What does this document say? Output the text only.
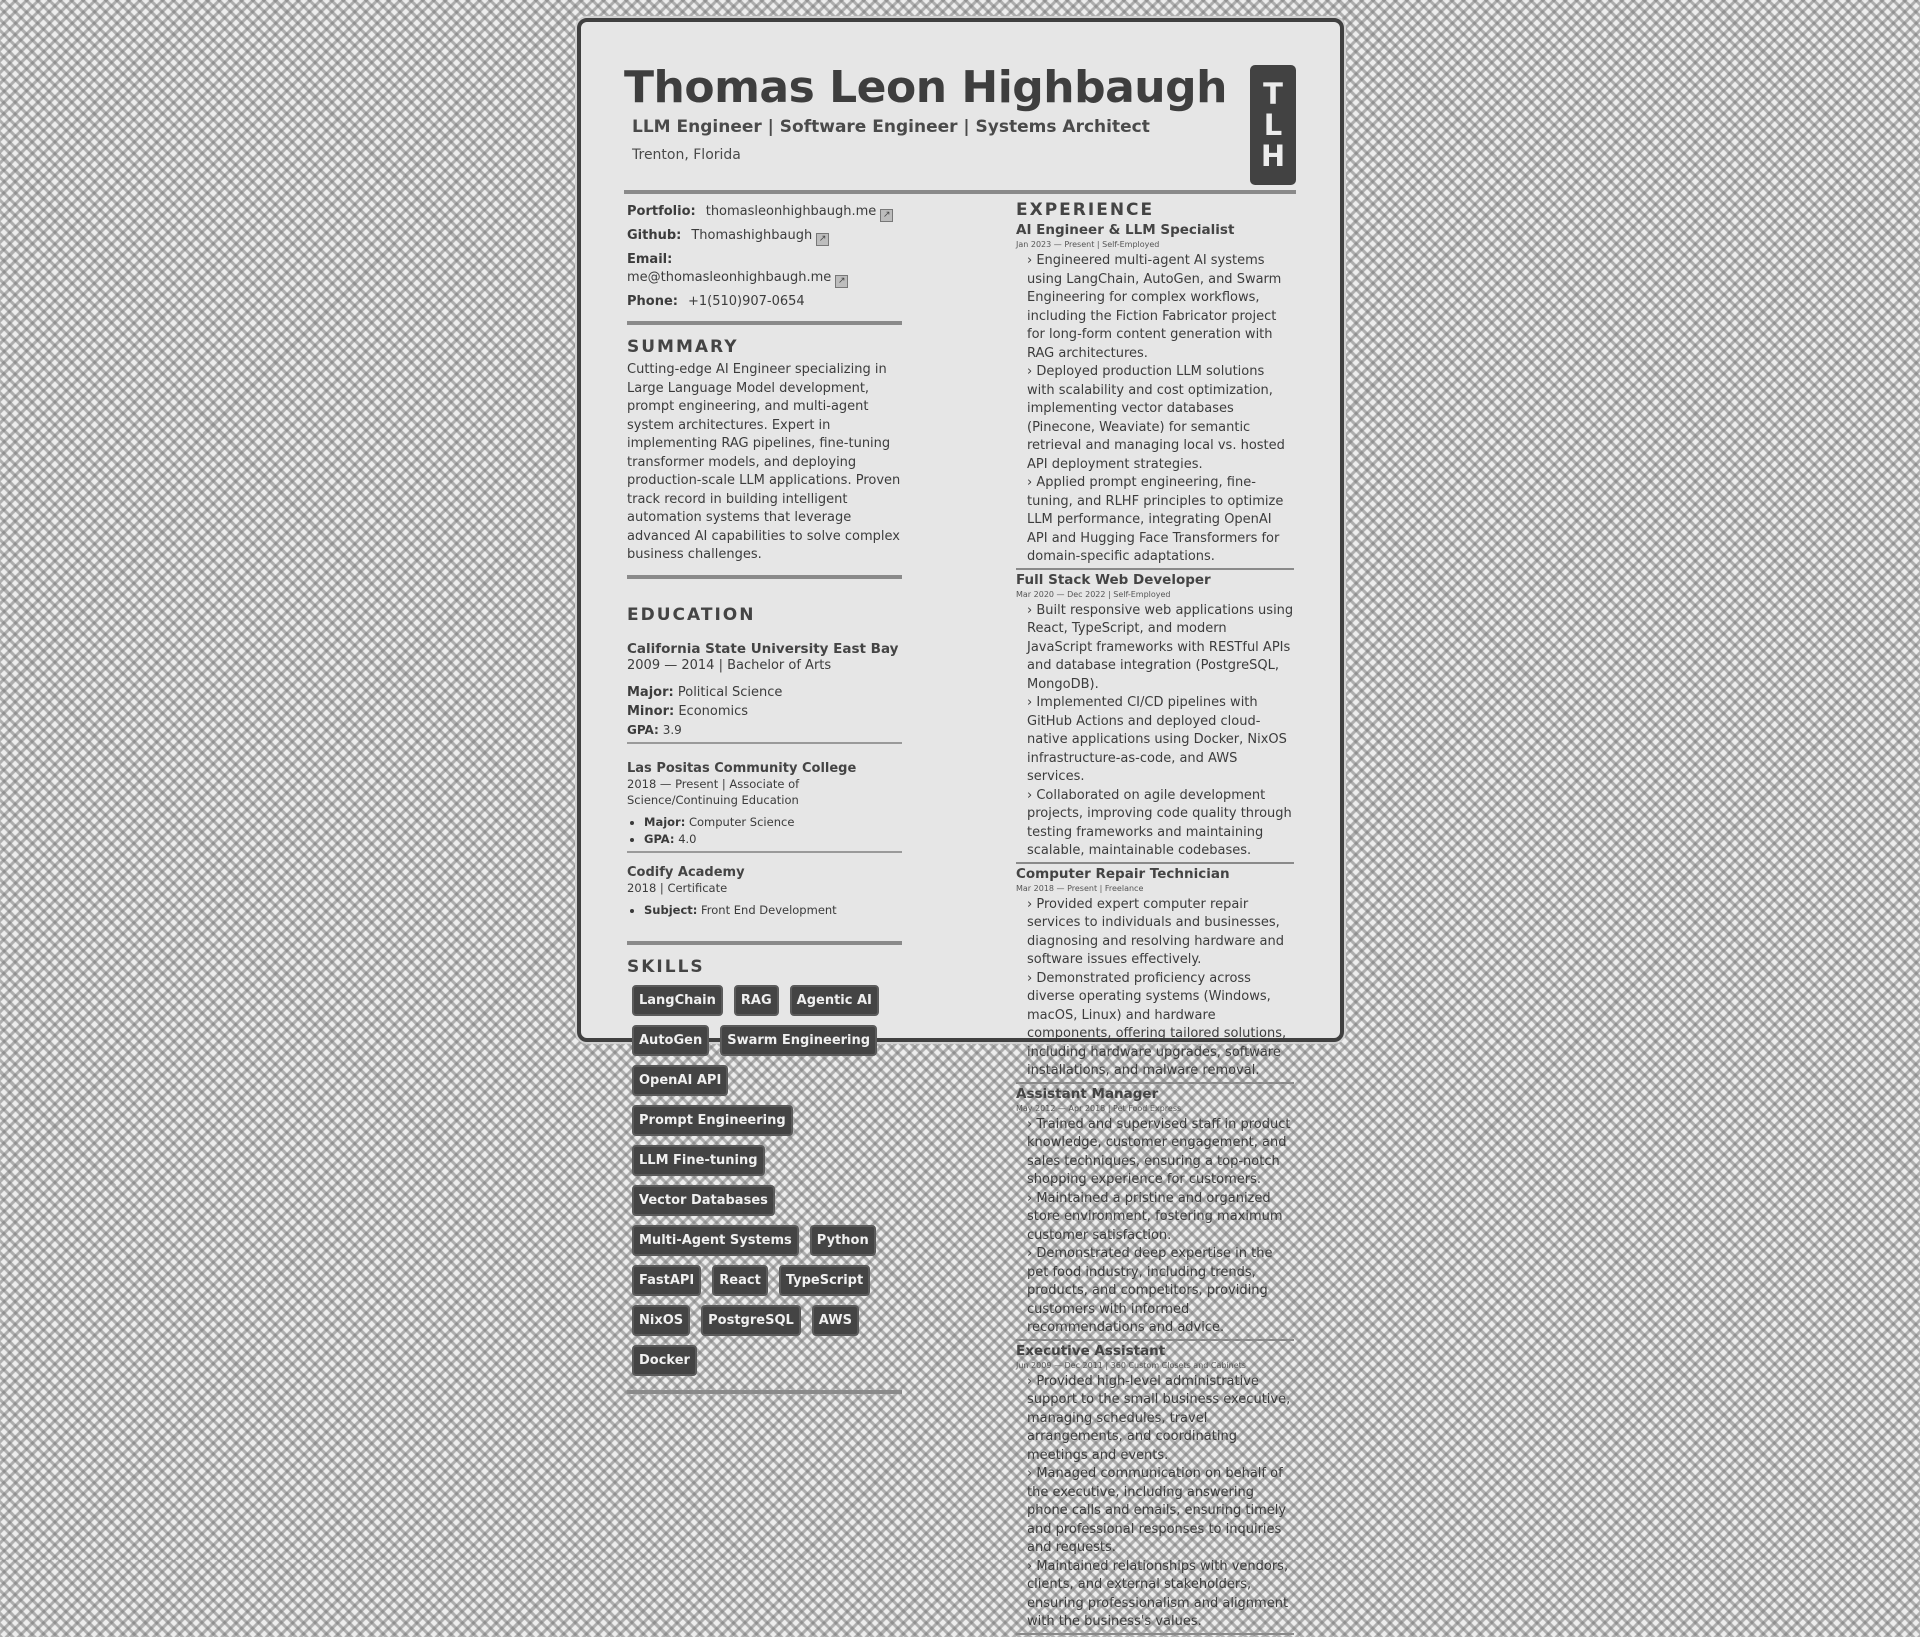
Thomas Leon Highbaugh
LLM Engineer | Software Engineer | Systems Architect
Trenton, Florida
T
L
H
Portfolio: thomasleonhighbaugh.me ↗
Github: Thomashighbaugh ↗
Email:
me@thomasleonhighbaugh.me ↗
Phone: +1(510)907-0654
SUMMARY

Cutting-edge AI Engineer specializing in Large Language Model development, prompt engineering, and multi-agent system architectures. Expert in implementing RAG pipelines, fine-tuning transformer models, and deploying production-scale LLM applications. Proven track record in building intelligent automation systems that leverage advanced AI capabilities to solve complex business challenges.

EDUCATION
California State University East Bay
2009 — 2014 | Bachelor of Arts
Major: Political Science
Minor: Economics
GPA: 3.9
Las Positas Community College
2018 — Present | Associate of Science/Continuing Education
• Major: Computer Science
• GPA: 4.0
Codify Academy
2018 | Certificate
• Subject: Front End Development
SKILLS
LangChain	RAG	Agentic AI
AutoGen	Swarm Engineering
OpenAI API
Prompt Engineering
LLM Fine-tuning
Vector Databases
Multi-Agent Systems	Python
FastAPI	React	TypeScript
NixOS	PostgreSQL	AWS
Docker
EXPERIENCE
AI Engineer & LLM Specialist
Jan 2023 — Present | Self-Employed
› Engineered multi-agent AI systems using LangChain, AutoGen, and Swarm Engineering for complex workflows, including the Fiction Fabricator project for long-form content generation with RAG architectures.
› Deployed production LLM solutions with scalability and cost optimization, implementing vector databases (Pinecone, Weaviate) for semantic retrieval and managing local vs. hosted API deployment strategies.
› Applied prompt engineering, fine-tuning, and RLHF principles to optimize LLM performance, integrating OpenAI API and Hugging Face Transformers for domain-specific adaptations.
Full Stack Web Developer
Mar 2020 — Dec 2022 | Self-Employed
› Built responsive web applications using React, TypeScript, and modern JavaScript frameworks with RESTful APIs and database integration (PostgreSQL, MongoDB).
› Implemented CI/CD pipelines with GitHub Actions and deployed cloud-native applications using Docker, NixOS infrastructure-as-code, and AWS services.
› Collaborated on agile development projects, improving code quality through testing frameworks and maintaining scalable, maintainable codebases.
Computer Repair Technician
Mar 2018 — Present | Freelance
› Provided expert computer repair services to individuals and businesses, diagnosing and resolving hardware and software issues effectively.
› Demonstrated proficiency across diverse operating systems (Windows, macOS, Linux) and hardware components, offering tailored solutions, including hardware upgrades, software installations, and malware removal.
Assistant Manager
May 2012 — Apr 2018 | Pet Food Express
› Trained and supervised staff in product knowledge, customer engagement, and sales techniques, ensuring a top-notch shopping experience for customers.
› Maintained a pristine and organized store environment, fostering maximum customer satisfaction.
› Demonstrated deep expertise in the pet food industry, including trends, products, and competitors, providing customers with informed recommendations and advice.
Executive Assistant
Jun 2009 — Dec 2011 | 360 Custom Closets and Cabinets
› Provided high-level administrative support to the small business executive, managing schedules, travel arrangements, and coordinating meetings and events.
› Managed communication on behalf of the executive, including answering phone calls and emails, ensuring timely and professional responses to inquiries and requests.
› Maintained relationships with vendors, clients, and external stakeholders, ensuring professionalism and alignment with the business's values.
